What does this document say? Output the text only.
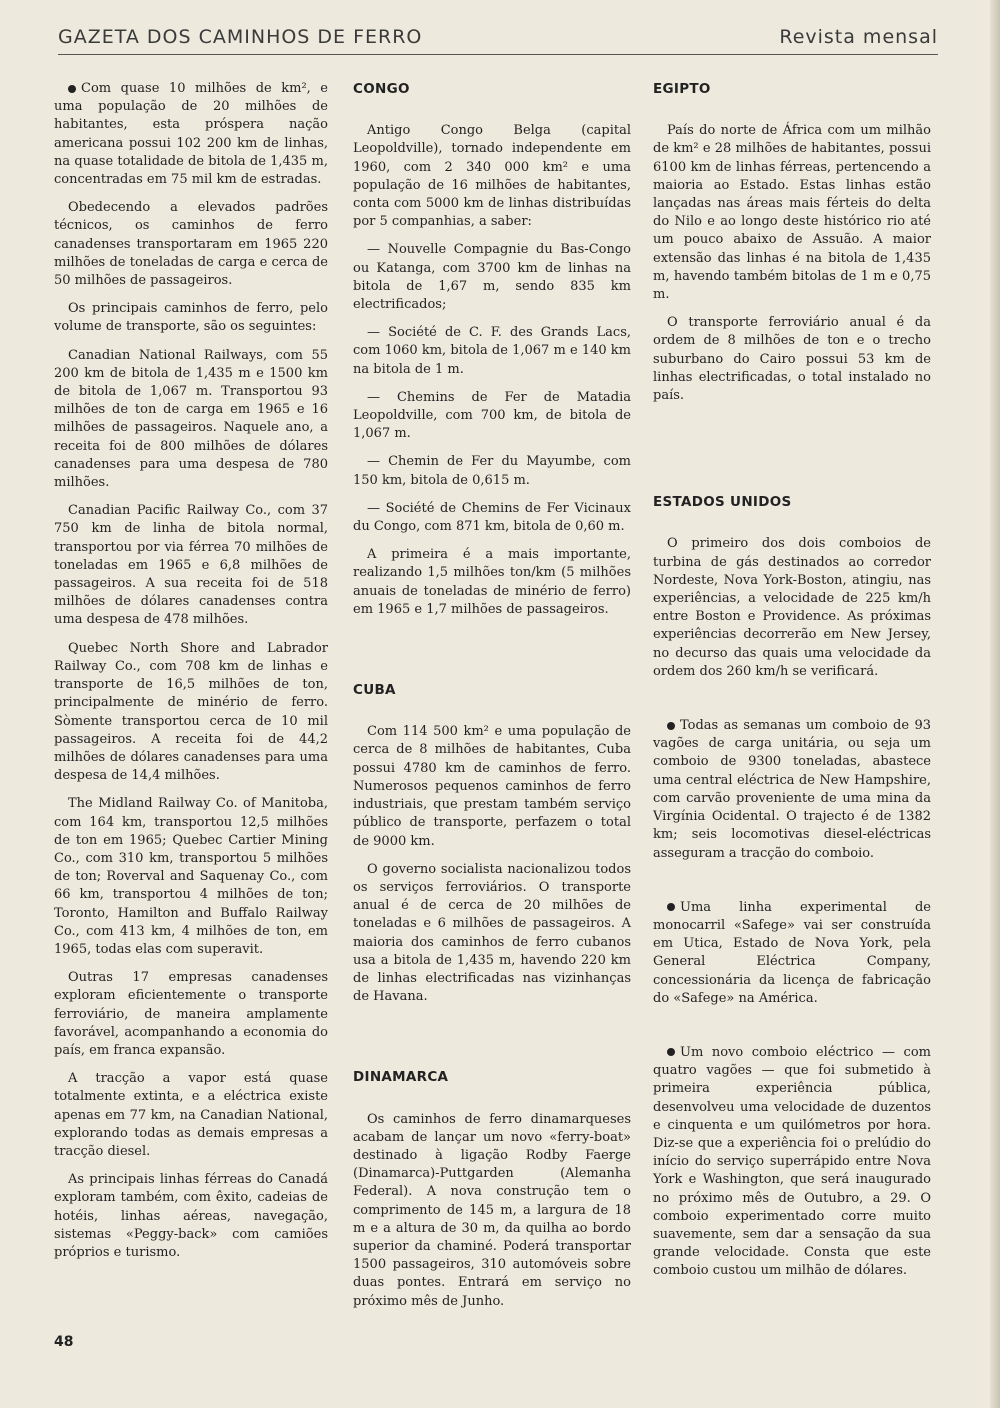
GAZETA DOS CAMINHOS DE FERRO	Revista mensal

Com quase 10 milhões de km², e uma população de 20 milhões de habitantes, esta próspera nação americana possui 102 200 km de linhas, na quase totalidade de bitola de 1,435 m, concentradas em 75 mil km de estradas.

Obedecendo a elevados padrões técnicos, os caminhos de ferro canadenses transportaram em 1965 220 milhões de toneladas de carga e cerca de 50 milhões de passageiros.

Os principais caminhos de ferro, pelo volume de transporte, são os seguintes:

Canadian National Railways, com 55 200 km de bitola de 1,435 m e 1500 km de bitola de 1,067 m. Transportou 93 milhões de ton de carga em 1965 e 16 milhões de passageiros. Naquele ano, a receita foi de 800 milhões de dólares canadenses para uma despesa de 780 milhões.

Canadian Pacific Railway Co., com 37 750 km de linha de bitola normal, transportou por via férrea 70 milhões de toneladas em 1965 e 6,8 milhões de passageiros. A sua receita foi de 518 milhões de dólares canadenses contra uma despesa de 478 milhões.

Quebec North Shore and Labrador Railway Co., com 708 km de linhas e transporte de 16,5 milhões de ton, principalmente de minério de ferro. Sòmente transportou cerca de 10 mil passageiros. A receita foi de 44,2 milhões de dólares canadenses para uma despesa de 14,4 milhões.

The Midland Railway Co. of Manitoba, com 164 km, transportou 12,5 milhões de ton em 1965; Quebec Cartier Mining Co., com 310 km, transportou 5 milhões de ton; Roverval and Saquenay Co., com 66 km, transportou 4 milhões de ton; Toronto, Hamilton and Buffalo Railway Co., com 413 km, 4 milhões de ton, em 1965, todas elas com superavit.

Outras 17 empresas canadenses exploram eficientemente o transporte ferroviário, de maneira amplamente favorável, acompanhando a economia do país, em franca expansão.

A tracção a vapor está quase totalmente extinta, e a eléctrica existe apenas em 77 km, na Canadian National, explorando todas as demais empresas a tracção diesel.

As principais linhas férreas do Canadá exploram também, com êxito, cadeias de hotéis, linhas aéreas, navegação, sistemas «Peggy-back» com camiões próprios e turismo.

CONGO

Antigo Congo Belga (capital Leopoldville), tornado independente em 1960, com 2 340 000 km² e uma população de 16 milhões de habitantes, conta com 5000 km de linhas distribuídas por 5 companhias, a saber:

— Nouvelle Compagnie du Bas-Congo ou Katanga, com 3700 km de linhas na bitola de 1,67 m, sendo 835 km electrificados;

— Société de C. F. des Grands Lacs, com 1060 km, bitola de 1,067 m e 140 km na bitola de 1 m.

— Chemins de Fer de Matadia Leopoldville, com 700 km, de bitola de 1,067 m.

— Chemin de Fer du Mayumbe, com 150 km, bitola de 0,615 m.

— Société de Chemins de Fer Vicinaux du Congo, com 871 km, bitola de 0,60 m.

A primeira é a mais importante, realizando 1,5 milhões ton/km (5 milhões anuais de toneladas de minério de ferro) em 1965 e 1,7 milhões de passageiros.

CUBA

Com 114 500 km² e uma população de cerca de 8 milhões de habitantes, Cuba possui 4780 km de caminhos de ferro. Numerosos pequenos caminhos de ferro industriais, que prestam também serviço público de transporte, perfazem o total de 9000 km.

O governo socialista nacionalizou todos os serviços ferroviários. O transporte anual é de cerca de 20 milhões de toneladas e 6 milhões de passageiros. A maioria dos caminhos de ferro cubanos usa a bitola de 1,435 m, havendo 220 km de linhas electrificadas nas vizinhanças de Havana.

DINAMARCA

Os caminhos de ferro dinamarqueses acabam de lançar um novo «ferry-boat» destinado à ligação Rodby Faerge (Dinamarca)-Puttgarden (Alemanha Federal). A nova construção tem o comprimento de 145 m, a largura de 18 m e a altura de 30 m, da quilha ao bordo superior da chaminé. Poderá transportar 1500 passageiros, 310 automóveis sobre duas pontes. Entrará em serviço no próximo mês de Junho.

EGIPTO

País do norte de África com um milhão de km² e 28 milhões de habitantes, possui 6100 km de linhas férreas, pertencendo a maioria ao Estado. Estas linhas estão lançadas nas áreas mais férteis do delta do Nilo e ao longo deste histórico rio até um pouco abaixo de Assuão. A maior extensão das linhas é na bitola de 1,435 m, havendo também bitolas de 1 m e 0,75 m.

O transporte ferroviário anual é da ordem de 8 milhões de ton e o trecho suburbano do Cairo possui 53 km de linhas electrificadas, o total instalado no país.

ESTADOS UNIDOS

O primeiro dos dois comboios de turbina de gás destinados ao corredor Nordeste, Nova York-Boston, atingiu, nas experiências, a velocidade de 225 km/h entre Boston e Providence. As próximas experiências decorrerão em New Jersey, no decurso das quais uma velocidade da ordem dos 260 km/h se verificará.

Todas as semanas um comboio de 93 vagões de carga unitária, ou seja um comboio de 9300 toneladas, abastece uma central eléctrica de New Hampshire, com carvão proveniente de uma mina da Virgínia Ocidental. O trajecto é de 1382 km; seis locomotivas diesel-eléctricas asseguram a tracção do comboio.

Uma linha experimental de monocarril «Safege» vai ser construída em Utica, Estado de Nova York, pela General Eléctrica Company, concessionária da licença de fabricação do «Safege» na América.

Um novo comboio eléctrico — com quatro vagões — que foi submetido à primeira experiência pública, desenvolveu uma velocidade de duzentos e cinquenta e um quilómetros por hora. Diz-se que a experiência foi o prelúdio do início do serviço superrápido entre Nova York e Washington, que será inaugurado no próximo mês de Outubro, a 29. O comboio experimentado corre muito suavemente, sem dar a sensação da sua grande velocidade. Consta que este comboio custou um milhão de dólares.

48
